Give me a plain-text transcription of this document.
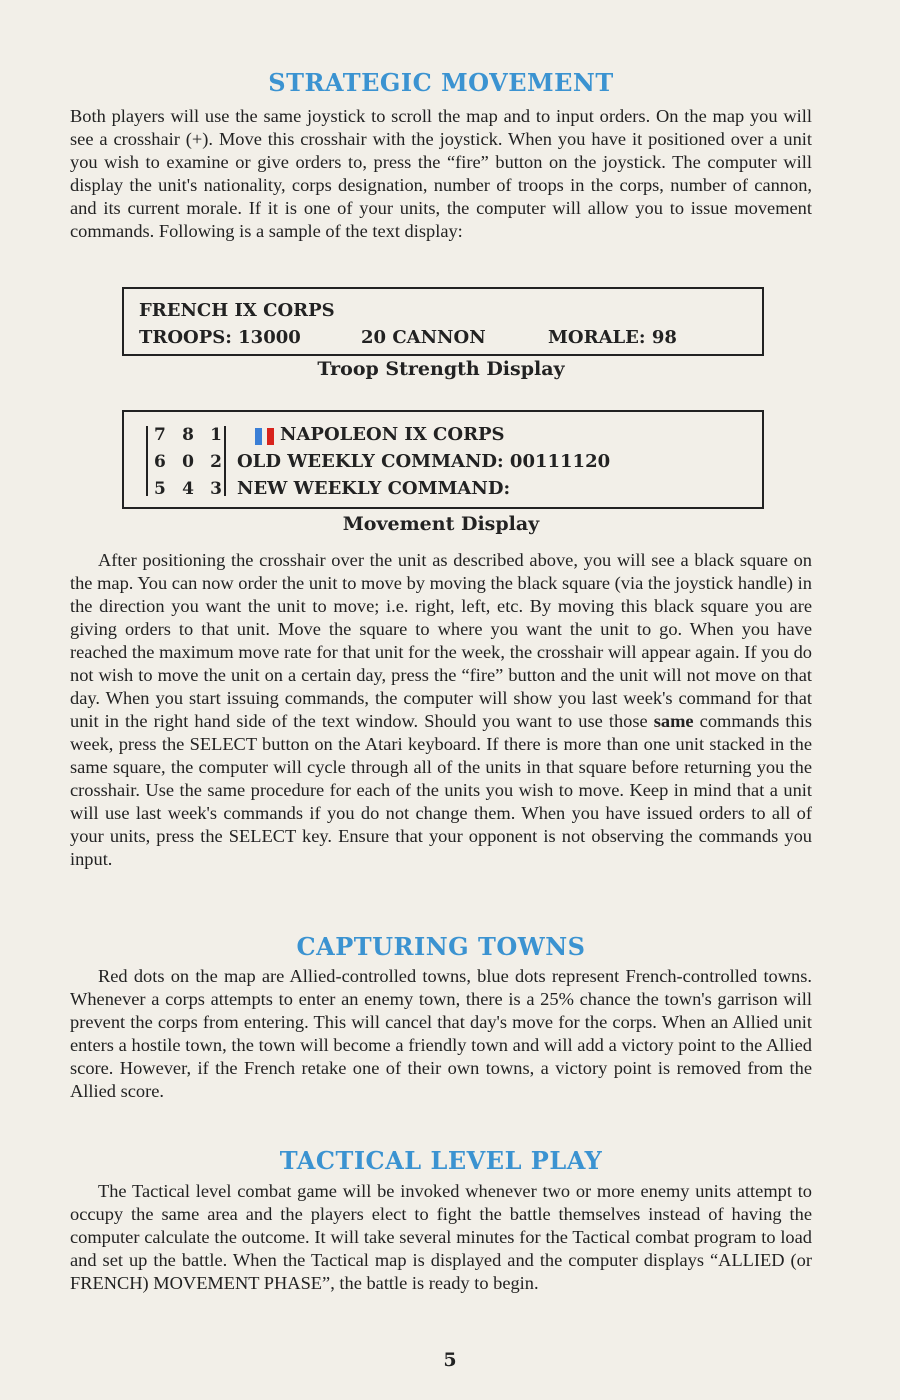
STRATEGIC MOVEMENT

Both players will use the same joystick to scroll the map and to input orders. On the map you will see a crosshair (+). Move this crosshair with the joystick. When you have it positioned over a unit you wish to examine or give orders to, press the “fire” button on the joystick. The computer will display the unit's nationality, corps designation, number of troops in the corps, number of cannon, and its current morale. If it is one of your units, the computer will allow you to issue movement commands. Following is a sample of the text display:

FRENCH IX CORPS
TROOPS: 13000	20 CANNON	MORALE: 98
Troop Strength Display
7 8 1
6 0 2
5 4 3
NAPOLEON IX CORPS
OLD WEEKLY COMMAND: 00111120
NEW WEEKLY COMMAND:
Movement Display

After positioning the crosshair over the unit as described above, you will see a black square on the map. You can now order the unit to move by moving the black square (via the joystick handle) in the direction you want the unit to move; i.e. right, left, etc. By moving this black square you are giving orders to that unit. Move the square to where you want the unit to go. When you have reached the maximum move rate for that unit for the week, the crosshair will appear again. If you do not wish to move the unit on a certain day, press the “fire” button and the unit will not move on that day. When you start issuing commands, the computer will show you last week's command for that unit in the right hand side of the text window. Should you want to use those same commands this week, press the SELECT button on the Atari keyboard. If there is more than one unit stacked in the same square, the computer will cycle through all of the units in that square before returning you the crosshair. Use the same procedure for each of the units you wish to move. Keep in mind that a unit will use last week's commands if you do not change them. When you have issued orders to all of your units, press the SELECT key. Ensure that your opponent is not observing the commands you input.

CAPTURING TOWNS

Red dots on the map are Allied-controlled towns, blue dots represent French-controlled towns. Whenever a corps attempts to enter an enemy town, there is a 25% chance the town's garrison will prevent the corps from entering. This will cancel that day's move for the corps. When an Allied unit enters a hostile town, the town will become a friendly town and will add a victory point to the Allied score. However, if the French retake one of their own towns, a victory point is removed from the Allied score.

TACTICAL LEVEL PLAY

The Tactical level combat game will be invoked whenever two or more enemy units attempt to occupy the same area and the players elect to fight the battle themselves instead of having the computer calculate the outcome. It will take several minutes for the Tactical combat program to load and set up the battle. When the Tactical map is displayed and the computer displays “ALLIED (or FRENCH) MOVEMENT PHASE”, the battle is ready to begin.

5
